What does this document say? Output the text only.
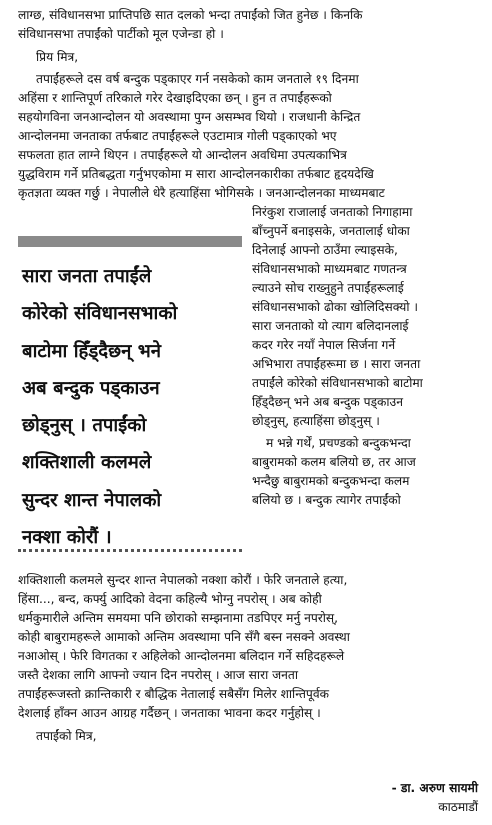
लाग्छ, संविधानसभा प्राप्तिपछि सात दलको भन्दा तपाईंको जित हुनेछ । किनकि
संविधानसभा तपाईंको पार्टीको मूल एजेन्डा हो ।
प्रिय मित्र,
तपाईंहरूले दस वर्ष बन्दुक पड्काएर गर्न नसकेको काम जनताले १९ दिनमा
अहिंसा र शान्तिपूर्ण तरिकाले गरेर देखाइदिएका छन् । हुन त तपाईंहरूको
सहयोगविना जनआन्दोलन यो अवस्थामा पुग्न असम्भव थियो । राजधानी केन्द्रित
आन्दोलनमा जनताका तर्फबाट तपाईंहरूले एउटामात्र गोली पड्काएको भए
सफलता हात लाग्ने थिएन । तपाईंहरूले यो आन्दोलन अवधिमा उपत्यकाभित्र
युद्धविराम गर्ने प्रतिबद्धता गर्नुभएकोमा म सारा आन्दोलनकारीका तर्फबाट हृदयदेखि
कृतज्ञता व्यक्त गर्छु । नेपालीले धेरै हत्याहिंसा भोगिसके । जनआन्दोलनका माध्यमबाट
सारा जनता तपाईंले
कोरेको संविधानसभाको
बाटोमा हिँड्दैछन् भने
अब बन्दुक पड्काउन
छोड्नुस् । तपाईंको
शक्तिशाली कलमले
सुन्दर शान्त नेपालको
नक्शा कोरौं ।
निरंकुश राजालाई जनताको निगाहामा
बाँच्नुपर्ने बनाइसके, जनतालाई धोका
दिनेलाई आफ्नो ठाउँमा ल्याइसके,
संविधानसभाको माध्यमबाट गणतन्त्र
ल्याउने सोच राख्नुहुने तपाईंहरूलाई
संविधानसभाको ढोका खोलिदिसक्यो ।
सारा जनताको यो त्याग बलिदानलाई
कदर गरेर नयाँ नेपाल सिर्जना गर्ने
अभिभारा तपाईंहरूमा छ । सारा जनता
तपाईंले कोरेको संविधानसभाको बाटोमा
हिँड्दैछन् भने अब बन्दुक पड्काउन
छोड्नुस्, हत्याहिंसा छोड्नुस् ।
म भन्ने गर्थें, प्रचण्डको बन्दुकभन्दा
बाबुरामको कलम बलियो छ, तर आज
भन्दैछु बाबुरामको बन्दुकभन्दा कलम
बलियो छ । बन्दुक त्यागेर तपाईंको
शक्तिशाली कलमले सुन्दर शान्त नेपालको नक्शा कोरौं । फेरि जनताले हत्या,
हिंसा..., बन्द, कर्फ्यु आदिको वेदना कहिल्यै भोग्नु नपरोस् । अब कोही
धर्मकुमारीले अन्तिम समयमा पनि छोराको सम्झनामा तडपिएर मर्नु नपरोस्,
कोही बाबुरामहरूले आमाको अन्तिम अवस्थामा पनि सँगै बस्न नसक्ने अवस्था
नआओस् । फेरि विगतका र अहिलेको आन्दोलनमा बलिदान गर्ने सहिदहरूले
जस्तै देशका लागि आफ्नो ज्यान दिन नपरोस् । आज सारा जनता
तपाईंहरूजस्तो क्रान्तिकारी र बौद्धिक नेतालाई सबैसँग मिलेर शान्तिपूर्वक
देशलाई हाँक्न आउन आग्रह गर्दैछन् । जनताका भावना कदर गर्नुहोस् ।
तपाईंको मित्र,
- डा. अरुण सायमी
काठमाडौं
